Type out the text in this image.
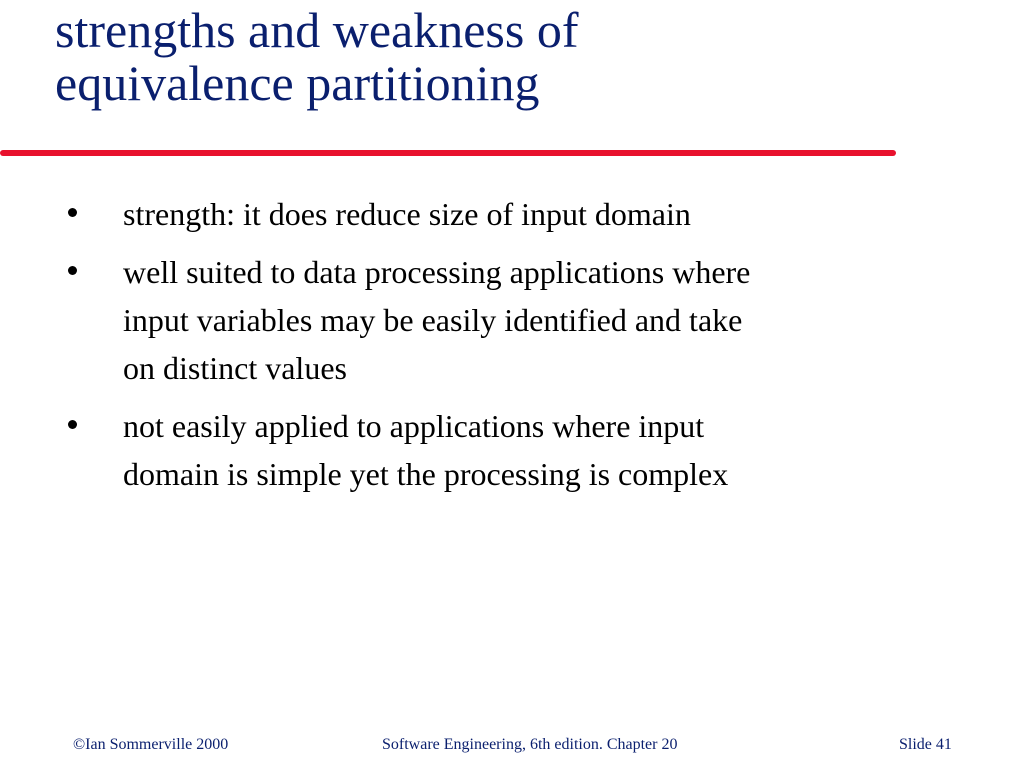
strengths and weakness of
equivalence partitioning
strength: it does reduce size of input domain
well suited to data processing applications where
input variables may be easily identified and take
on distinct values
not easily applied to applications where input
domain is simple yet the processing is complex
©Ian Sommerville 2000	Software Engineering, 6th edition. Chapter 20	Slide 41
